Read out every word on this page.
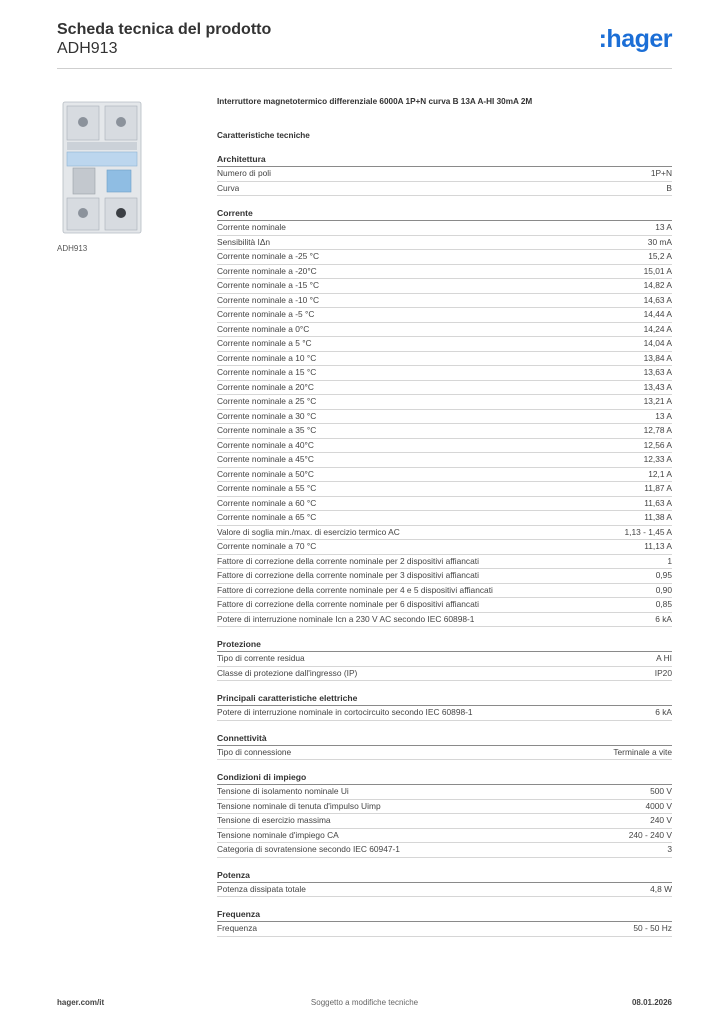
Scheda tecnica del prodotto
ADH913	:hager
ADH913
Interruttore magnetotermico differenziale 6000A 1P+N curva B 13A A-HI 30mA 2M
Caratteristiche tecniche
Architettura
Numero di poli	1P+N
Curva	B
Corrente
Corrente nominale	13 A
Sensibilità IΔn	30 mA
Corrente nominale a -25 °C	15,2 A
Corrente nominale a -20°C	15,01 A
Corrente nominale a -15 °C	14,82 A
Corrente nominale a -10 °C	14,63 A
Corrente nominale a -5 °C	14,44 A
Corrente nominale a 0°C	14,24 A
Corrente nominale a 5 °C	14,04 A
Corrente nominale a 10 °C	13,84 A
Corrente nominale a 15 °C	13,63 A
Corrente nominale a 20°C	13,43 A
Corrente nominale a 25 °C	13,21 A
Corrente nominale a 30 °C	13 A
Corrente nominale a 35 °C	12,78 A
Corrente nominale a 40°C	12,56 A
Corrente nominale a 45°C	12,33 A
Corrente nominale a 50°C	12,1 A
Corrente nominale a 55 °C	11,87 A
Corrente nominale a 60 °C	11,63 A
Corrente nominale a 65 °C	11,38 A
Valore di soglia min./max. di esercizio termico AC	1,13 - 1,45 A
Corrente nominale a 70 °C	11,13 A
Fattore di correzione della corrente nominale per 2 dispositivi affiancati	1
Fattore di correzione della corrente nominale per 3 dispositivi affiancati	0,95
Fattore di correzione della corrente nominale per 4 e 5 dispositivi affiancati	0,90
Fattore di correzione della corrente nominale per 6 dispositivi affiancati	0,85
Potere di interruzione nominale Icn a 230 V AC secondo IEC 60898-1	6 kA
Protezione
Tipo di corrente residua	A HI
Classe di protezione dall'ingresso (IP)	IP20
Principali caratteristiche elettriche
Potere di interruzione nominale in cortocircuito secondo IEC 60898-1	6 kA
Connettività
Tipo di connessione	Terminale a vite
Condizioni di impiego
Tensione di isolamento nominale Ui	500 V
Tensione nominale di tenuta d'impulso Uimp	4000 V
Tensione di esercizio massima	240 V
Tensione nominale d'impiego CA	240 - 240 V
Categoria di sovratensione secondo IEC 60947-1	3
Potenza
Potenza dissipata totale	4,8 W
Frequenza
Frequenza	50 - 50 Hz
Soggetto a modifiche tecniche
hager.com/it	08.01.2026
